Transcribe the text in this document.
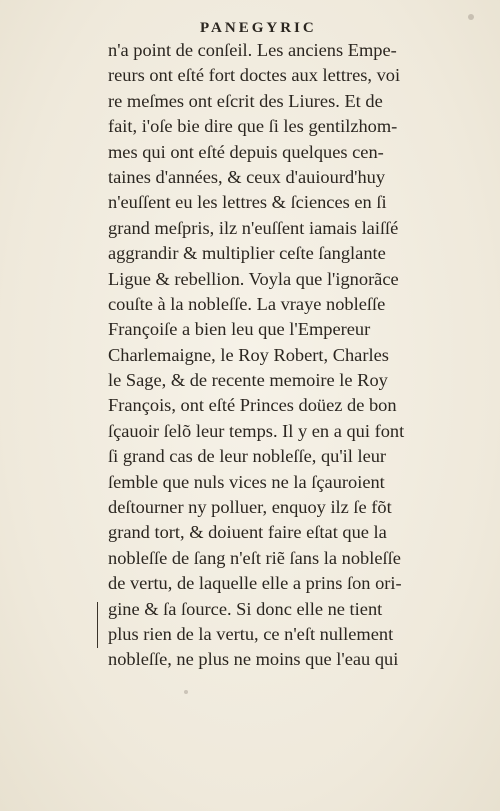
PANEGYRIC
n'a point de conſeil. Les anciens Empe-
reurs ont eſté fort doctes aux lettres, voi
re meſmes ont eſcrit des Liures. Et de
fait, i'oſe bie dire que ſi les gentilzhom-
mes qui ont eſté depuis quelques cen-
taines d'années, & ceux d'auiourd'huy
n'euſſent eu les lettres & ſciences en ſi
grand meſpris, ilz n'euſſent iamais laiſſé
aggrandir & multiplier ceſte ſanglante
Ligue & rebellion. Voyla que l'ignorãce
couſte à la nobleſſe. La vraye nobleſſe
Françoiſe a bien leu que l'Empereur
Charlemaigne, le Roy Robert, Charles
le Sage, & de recente memoire le Roy
François, ont eſté Princes doüez de bon
ſçauoir ſelõ leur temps. Il y en a qui font
ſi grand cas de leur nobleſſe, qu'il leur
ſemble que nuls vices ne la ſçauroient
deſtourner ny polluer, enquoy ilz ſe fõt
grand tort, & doiuent faire eſtat que la
nobleſſe de ſang n'eſt riẽ ſans la nobleſſe
de vertu, de laquelle elle a prins ſon ori-
gine & ſa ſource. Si donc elle ne tient
plus rien de la vertu, ce n'eſt nullement
nobleſſe, ne plus ne moins que l'eau qui
